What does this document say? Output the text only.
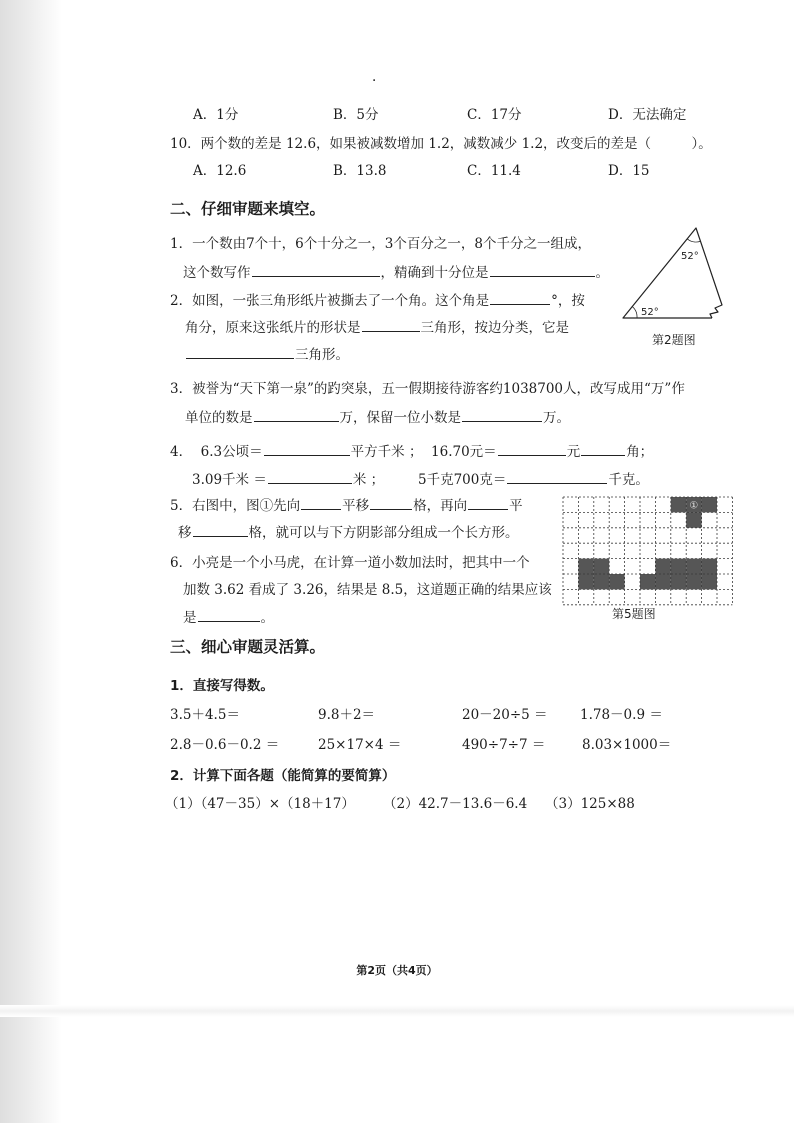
·
A．1分	B．5分	C．17分	D．无法确定
10．两个数的差是 12.6，如果被减数增加 1.2，减数减少 1.2，改变后的差是（　　　）。
A．12.6	B．13.8	C．11.4	D．15
二、仔细审题来填空。
1．一个数由7个十，6个十分之一，3个百分之一，8个千分之一组成，
这个数写作	，精确到十分位是	。
2．如图，一张三角形纸片被撕去了一个角。这个角是	°，按
角分，原来这张纸片的形状是	三角形，按边分类，它是
三角形。
52°
52°
第2题图
3．被誉为“天下第一泉”的趵突泉，五一假期接待游客约1038700人，改写成用“万”作
单位的数是	万，保留一位小数是	万。
4．  6.3公顷＝	平方千米 ；  16.70元＝	元	角；
3.09千米 ＝	米 ；	5千克700克＝	千克。
5．右图中，图①先向	平移	格，再向	平
移	格，就可以与下方阴影部分组成一个长方形。
①
第5题图
6．小亮是一个小马虎，在计算一道小数加法时，把其中一个
加数 3.62 看成了 3.26，结果是 8.5，这道题正确的结果应该
是	。
三、细心审题灵活算。
1．直接写得数。
3.5＋4.5＝	9.8＋2＝	20－20÷5 ＝ 1.78－0.9 ＝
2.8－0.6－0.2 ＝	25×17×4 ＝	490÷7÷7 ＝	8.03×1000＝
2．计算下面各题（能简算的要简算）
（1）（47－35）×（18＋17） （2）42.7－13.6－6.4 （3）125×88
第2页（共4页）
